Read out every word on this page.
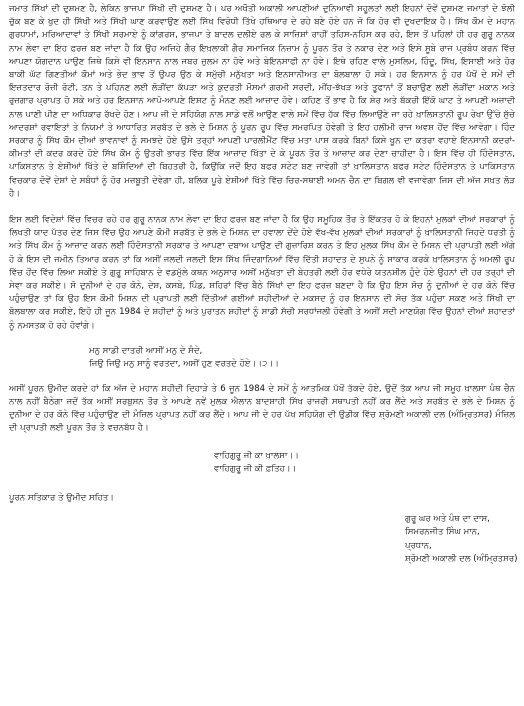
ਜਮਾਤ ਸਿੱਖਾਂ ਦੀ ਦੁਸ਼ਮਣ ਹੈ, ਲੇਕਿਨ ਭਾਜਪਾ ਸਿੱਖੀ ਦੀ ਦੁਸ਼ਮਣ ਹੈ। ਪਰ ਅਖੌਤੀ ਅਕਾਲੀ ਆਪਣੀਆਂ ਦੁਨਿਆਵੀ ਸਹੂਲਤਾਂ ਲਈ ਇਹਨਾਂ ਦੋਵੇਂ ਦੁਸ਼ਮਣ ਜਮਾਤਾਂ ਦੇ ਝੋਲੀ ਚੁੱਕ ਬਣ ਕੇ ਖੁਦ ਹੀ ਸਿੱਖੀ ਅਤੇ ਸਿੱਖੀ ਘਾਣ ਕਰਵਾਉਣ ਲਈ ਸਿੱਖ ਵਿਰੋਧੀ ਤਿੱਖੇ ਹਥਿਆਰ ਦੇ ਰਹੇ ਬਣੇ ਹੋਏ ਹਨ ਜੋ ਕਿ ਹੋਰ ਵੀ ਦੁਖਦਾਇਕ ਹੈ। ਸਿੱਖ ਕੌਮ ਦੇ ਮਹਾਨ ਗੁਰਧਾਮਾਂ, ਮਰਿਆਦਾਵਾਂ ਤੇ ਸਿੱਖੀ ਸਰਮਾਏ ਨੂੰ ਕਾਂਗਰਸ, ਭਾਜਪਾ ਤੇ ਬਾਦਲ ਦਲੀਏ ਰਲ ਕੇ ਸਾਜ਼ਿਸ਼ਾਂ ਰਾਹੀਂ ਤਹਿਸ-ਨਹਿਸ ਕਰ ਰਹੇ, ਇਸ ਤੋਂ ਪਹਿਲਾਂ ਹੀ ਹਰ ਗੁਰੂ ਨਾਨਕ ਨਾਮ ਲੇਵਾ ਦਾ ਇਹ ਫਰਜ਼ ਬਣ ਜਾਂਦਾ ਹੈ ਕਿ ਉਹ ਅਜਿਹੇ ਗੈਰ ਇਖ਼ਲਾਕੀ ਗੈਰ ਸਮਾਜਿਕ ਨਿਜ਼ਾਮ ਨੂੰ ਪੂਰਨ ਤੌਰ ਤੇ ਨਕਾਰ ਦੇਣ ਅਤੇ ਇਸੇ ਸੂਬੇ ਰਾਜ ਪ੍ਰਬੰਧ ਕਰਨ ਵਿੱਚ ਆਪਣਾ ਯੋਗਦਾਨ ਪਾਉਣ ਜਿਥੇ ਕਿਸੇ ਵੀ ਇਨਸਾਨ ਨਾਲ ਜਬਰ ਜ਼ੁਲਮ ਨਾ ਹੋਵੇ ਅਤੇ ਬੇਇਨਸਾਫੀ ਨਾ ਹੋਵੇ। ਇਥੇ ਰਹਿਣ ਵਾਲੇ ਮੁਸਲਿਮ, ਹਿੰਦੂ, ਸਿੱਖ, ਇਸਾਈ ਅਤੇ ਹੋਰ ਬਾਕੀ ਘੱਟ ਗਿਣਤੀਆਂ ਕੌਮਾਂ ਅਤੇ ਭੇਦ ਭਾਵ ਤੋਂ ਉਪਰ ਉਠ ਕੇ ਸਮੁੱਚੀ ਮਨੁੱਖਤਾ ਅਤੇ ਇਨਸਾਨੀਅਤ ਦਾ ਬੋਲਬਾਲਾ ਹੋ ਸਕੇ। ਹਰ ਇਨਸਾਨ ਨੂੰ ਹਰ ਪੱਖੋਂ ਦੇ ਸਮੇਂ ਦੀ ਇਜ਼ਤਦਾਰ ਰੋਜ਼ੀ ਰੋਟੀ, ਤਨ ਤੇ ਪਹਿਨਣ ਲਈ ਲੋੜੀਂਦਾ ਕੱਪੜਾ ਅਤੇ ਕੁਦਰਤੀ ਮੌਸਮਾਂ ਗਰਮੀ ਸਰਦੀ, ਮੀਂਹ-ਝੱਖੜ ਅਤੇ ਤੂਫਾਨਾਂ ਤੋਂ ਬਚਾਉਣ ਲਈ ਲੋੜੀਂਦਾ ਮਕਾਨ ਅਤੇ ਰੁਜ਼ਗਾਰ ਪ੍ਰਾਪਤ ਹੋ ਸਕੇ ਅਤੇ ਹਰ ਇਨਸਾਨ ਆਪੋ-ਆਪਣੇ ਇਸ਼ਟ ਨੂੰ ਮੰਨਣ ਲਈ ਆਜ਼ਾਦ ਹੋਵੇ। ਕਹਿਣ ਤੋਂ ਭਾਵ ਹੈ ਕਿ ਸ਼ੇਰ ਅਤੇ ਬੱਕਰੀ ਇੱਕੋ ਘਾਟ ਤੇ ਆਪਣੀ ਅਜ਼ਾਦੀ ਨਾਲ ਪਾਣੀ ਪੀਣ ਦਾ ਅਧਿਕਾਰ ਰੱਖਦੇ ਹੋਣ। ਆਪ ਜੀ ਦੇ ਸਹਿਯੋਗ ਨਾਲ ਸਾਡੇ ਵਲੋਂ ਆਉਣ ਵਾਲੇ ਸਮੇਂ ਵਿੱਚ ਹੱਕ ਵਿੱਚ ਲਿਆਉਣੇ ਜਾ ਰਹੇ ਖ਼ਾਲਿਸਤਾਨੀ ਰੂਪ ਰੇਖਾ ਉੱਚੇ ਸੁੱਚੇ ਆਦਰਸ਼ਾਂ ਰਵਾਇਤਾਂ ਤੇ ਨਿਯਮਾਂ ਤੇ ਆਧਾਰਿਤ ਸਰਬੱਤ ਦੇ ਭਲੇ ਦੇ ਮਿਸ਼ਨ ਨੂੰ ਪੂਰਨ ਰੂਪ ਵਿੱਚ ਸਮਰਪਿਤ ਹੋਵੇਗੀ ਤੇ ਇਹ ਹਲੀਮੀ ਰਾਜ ਅਵਸ਼ ਹੋਂਦ ਵਿੱਚ ਆਵੇਗਾ। ਹਿੰਦ ਸਰਕਾਰ ਨੂੰ ਸਿੱਖ ਕੌਮ ਦੀਆਂ ਭਾਵਨਾਵਾਂ ਨੂੰ ਸਮਝਦੇ ਹੋਏ ਉਸੇ ਤਰ੍ਹਾਂ ਆਪਣੀ ਪਾਰਲੀਮੈਂਟ ਵਿੱਚ ਮਤਾ ਪਾਸ ਕਰਕੇ ਬਿਨਾਂ ਕਿਸੇ ਖੂਨ ਦਾ ਕਤਰਾ ਵਹਾਏ ਇਨਸਾਨੀ ਕਦਰਾਂ-ਕੀਮਤਾਂ ਦੀ ਕਦਰ ਕਰਦੇ ਹੋਏ ਸਿੱਖ ਕੌਮ ਨੂੰ ਉਤਰੀ ਭਾਰਤ ਵਿੱਚ ਇੱਕ ਆਜ਼ਾਦ ਖਿੱਤਾ ਦੇ ਕੇ ਪੂਰਨ ਤੌਰ ਤੇ ਆਜ਼ਾਦ ਕਰ ਦੇਣਾ ਚਾਹੀਦਾ ਹੈ। ਇਸ ਵਿੱਚ ਹੀ ਹਿੰਦੋਸਤਾਨ, ਪਾਕਿਸਤਾਨ ਤੇ ਏਸ਼ੀਆਂ ਖਿੱਤੇ ਦੇ ਬਸ਼ਿੰਦਿਆਂ ਦੀ ਬਿਹਤਰੀ ਹੈ, ਕਿਉਂਕਿ ਜਦੋਂ ਇਹ ਬਫਰ ਸਟੇਟ ਬਣ ਜਾਵੇਗੀ ਤਾਂ ਖ਼ਾਲਿਸਤਾਨ ਬਫਰ ਸਟੇਟ ਹਿੰਦੋਸਤਾਨ ਤੇ ਪਾਕਿਸਤਾਨ ਵਿਚਕਾਰ ਦੋਵੇਂ ਦੇਸ਼ਾਂ ਦੇ ਸਬੰਧਾਂ ਨੂੰ ਹੋਰ ਮਜ਼ਬੂਤੀ ਦੇਵੇਗਾ ਹੀ, ਬਲਿਕ ਪੂਰੇ ਏਸ਼ੀਆਂ ਖਿੱਤੇ ਵਿੱਚ ਚਿਰ-ਸਥਾਈ ਅਮਨ ਚੈਨ ਦਾ ਬਿਗਲ ਵੀ ਵਜਾਵੇਗਾ ਜਿਸ ਦੀ ਅੱਜ ਸਖ਼ਤ ਲੋੜ ਹੈ।

ਇਸ ਲਈ ਵਿਦੇਸ਼ਾਂ ਵਿੱਚ ਵਿਚਰ ਰਹੇ ਹਰ ਗੁਰੂ ਨਾਨਕ ਨਾਮ ਲੇਵਾ ਦਾ ਇਹ ਫਰਜ਼ ਬਣ ਜਾਂਦਾ ਹੈ ਕਿ ਉਹ ਸਮੂਹਿਕ ਤੌਰ ਤੇ ਇੱਕਤਰ ਹੋ ਕੇ ਇਹਨਾਂ ਮੁਲਕਾਂ ਦੀਆਂ ਸਰਕਾਰਾਂ ਨੂੰ ਲਿਖਤੀ ਯਾਦ ਪੱਤਰ ਦੇਣ ਜਿਸ ਵਿੱਚ ਉਹ ਆਪਣੇ ਕੌਮੀ ਸਰਬੱਤ ਦੇ ਭਲੇ ਦੇ ਮਿਸ਼ਨ ਦਾ ਹਵਾਲਾ ਦੇਂਦੇ ਹੋਏ ਵੱਖ-ਵੱਖ ਮੁਲਕਾਂ ਦੀਆਂ ਸਰਕਾਰਾਂ ਨੂੰ ਖ਼ਾਲਿਸਤਾਨੀ ਜਿਹਦੇ ਧਰਤੀ ਨੂੰ ਅਤੇ ਸਿੱਖ ਕੌਮ ਨੂੰ ਆਜ਼ਾਦ ਕਰਨ ਲਈ ਹਿੰਦੋਸਤਾਨੀ ਸਰਕਾਰ ਤੇ ਆਪਣਾ ਦਬਾਅ ਪਾਉਣ ਦੀ ਗੁਜ਼ਾਰਿਸ਼ ਕਰਨ ਤੇ ਇਹ ਮੁਲਕ ਸਿੱਖ ਕੌਮ ਦੇ ਮਿਸ਼ਨ ਦੀ ਪ੍ਰਾਪਤੀ ਲਈ ਅੱਗੇ ਹੋ ਕੇ ਇਸ ਦੀ ਜਮੀਨ ਤਿਆਰ ਕਰਨ ਤਾਂ ਕਿ ਅਸੀਂ ਜਲਦੀ ਜਲਦੀ ਇਸ ਸਿੱਖ ਜਿੰਦਗਾਨਿਆਂ ਵਿੱਚ ਦਿੱਤੀ ਸ਼ਹਾਦਤ ਦੇ ਸੁਪਨੇ ਨੂੰ ਸਾਕਾਰ ਕਰਕੇ ਖ਼ਾਲਿਸਤਾਨ ਨੂੰ ਅਮਲੀ ਰੂਪ ਵਿੱਚ ਹੋਂਦ ਵਿੱਚ ਲਿਆ ਸਕੀਏ ਤੇ ਗੁਰੂ ਸਾਹਿਬਾਨ ਦੇ ਵਡਮੁੱਲੇ ਕਥਨ ਅਨੁਸਾਰ ਅਸੀਂ ਮਨੁੱਖਤਾ ਦੀ ਬੇਹਤਰੀ ਲਈ ਹੋਰ ਵਧੇਰੇ ਯਤਨਸ਼ੀਲ ਹੁੰਦੇ ਹੋਏ ਉਹਨਾਂ ਦੀ ਹਰ ਤਰ੍ਹਾਂ ਦੀ ਸੇਵਾ ਕਰ ਸਕੀਏ। ਸੋ ਦੁਨੀਆਂ ਦੇ ਹਰ ਕੋਨੇ, ਦੇਸ਼, ਕਸਬੇ, ਪਿੰਡ, ਸ਼ਹਿਰਾਂ ਵਿੱਚ ਬੈਠੇ ਸਿੱਖਾਂ ਦਾ ਇਹ ਫਰਜ਼ ਬਣਦਾ ਹੈ ਕਿ ਉਹ ਇਸ ਸੋਚ ਨੂੰ ਦੁਨੀਆਂ ਦੇ ਹਰ ਕੋਨੇ ਵਿੱਚ ਪਹੁੰਚਾਉਣ ਤਾਂ ਕਿ ਉਹ ਇਸ ਕੌਮੀ ਮਿਸ਼ਨ ਦੀ ਪ੍ਰਾਪਤੀ ਲਈ ਦਿੱਤੀਆਂ ਗਈਆਂ ਸ਼ਹੀਦੀਆਂ ਦੇ ਮਕਸਦ ਨੂੰ ਹਰ ਇਨਸਾਨ ਦੀ ਸੋਚ ਤੱਕ ਪਹੁੰਚਾ ਸਕਣ ਅਤੇ ਸਿੱਖੀ ਦਾ ਬੋਲਬਾਲਾ ਕਰ ਸਕੀਏ, ਇਹੋ ਹੀ ਜੂਨ 1984 ਦੇ ਸ਼ਹੀਦਾਂ ਨੂੰ ਅਤੇ ਪੁਰਾਤਨ ਸ਼ਹੀਦਾਂ ਨੂੰ ਸਾਡੀ ਸੱਚੀ ਸਰਧਾਂਜਲੀ ਹੋਵੇਗੀ ਤੇ ਅਸੀਂ ਸਦੀ ਮਾਣਯੋਗ ਵਿੱਚ ਉਹਨਾਂ ਦੀਆਂ ਸ਼ਹਾਦਤਾਂ ਨੂੰ ਨਮਸਤਕ ਹੋ ਰਹੇ ਹੋਵਾਂਗੇ।

ਮਨੁ ਸਾਡੀ ਦਾਤਰੀ ਆਸੀਂ ਮਨੁ ਦੇ ਸੰਦੇ,
ਜਿਉ ਜਿਉ ਮਨੁ ਸਾਨੂੰ ਵਰਤਦਾ, ਅਸੀਂ ਹੁਣ ਵਰਤਦੇ ਹੋਏ।।੨।।

ਅਸੀਂ ਪੂਰਨ ਉਮੀਦ ਕਰਦੇ ਹਾਂ ਕਿ ਅੱਜ ਦੇ ਮਹਾਨ ਸ਼ਹੀਦੀ ਦਿਹਾੜੇ ਤੇ 6 ਜੂਨ 1984 ਦੇ ਸਮੇਂ ਨੂੰ ਆਤਮਿਕ ਪੱਖੋਂ ਤੱਕਦੇ ਹੋਏ, ਉਦੋਂ ਤੱਕ ਆਪ ਜੀ ਸਮੂਹ ਖ਼ਾਲਸਾ ਪੰਥ ਚੈਨ ਨਾਲ ਨਹੀਂ ਬੈਠੇਗਾ ਜਦੋਂ ਤੱਕ ਅਸੀਂ ਸਰਬੁਸਨ ਤੌਰ ਤੇ ਆਪਣੇ ਨਵੇਂ ਮੁਲਕ ਐਲਾਨ ਬਾਦਸ਼ਾਹੀ ਸਿੱਖ ਰਾਜਰੀ ਸਥਾਪਤੀ ਨਹੀਂ ਕਰ ਲੈਂਦੇ ਅਤੇ ਸਰਬੱਤ ਦੇ ਭਲੇ ਦੇ ਮਿਸ਼ਨ ਨੂੰ ਦੁਨੀਆ ਦੇ ਹਰ ਕੋਨੇ ਵਿੱਚ ਪਹੁੰਚਾਉਣ ਦੀ ਮੰਜ਼ਿਲ ਪ੍ਰਾਪਤ ਨਹੀਂ ਕਰ ਲੈਂਦੇ। ਆਪ ਜੀ ਦੇ ਹਰ ਪੱਖ ਸਹਿਯੋਗ ਦੀ ਉਡੀਕ ਵਿੱਚ ਸ਼੍ਰੋਮਣੀ ਅਕਾਲੀ ਦਲ (ਅੰਮ੍ਰਿਤਸਰ) ਮੰਜ਼ਿਲ ਦੀ ਪ੍ਰਾਪਤੀ ਲਈ ਪੂਰਨ ਤੌਰ ਤੇ ਵਚਨਬੱਧ ਹੈ।

ਵਾਹਿਗੁਰੂ ਜੀ ਕਾ ਖ਼ਾਲਸਾ।।
ਵਾਹਿਗੁਰੂ ਜੀ ਕੀ ਫ਼ਤਿਹ।।
ਪੂਰਨ ਸਤਿਕਾਰ ਤੇ ਉਮੀਦ ਸਹਿਤ।
ਗੁਰੂ ਘਰ ਅਤੇ ਪੰਥ ਦਾ ਦਾਸ,
ਸਿਮਰਨਜੀਤ ਸਿੰਘ ਮਾਨ,
ਪ੍ਰਧਾਨ,
ਸ਼੍ਰੋਮਣੀ ਅਕਾਲੀ ਦਲ (ਅੰਮ੍ਰਿਤਸਰ)
